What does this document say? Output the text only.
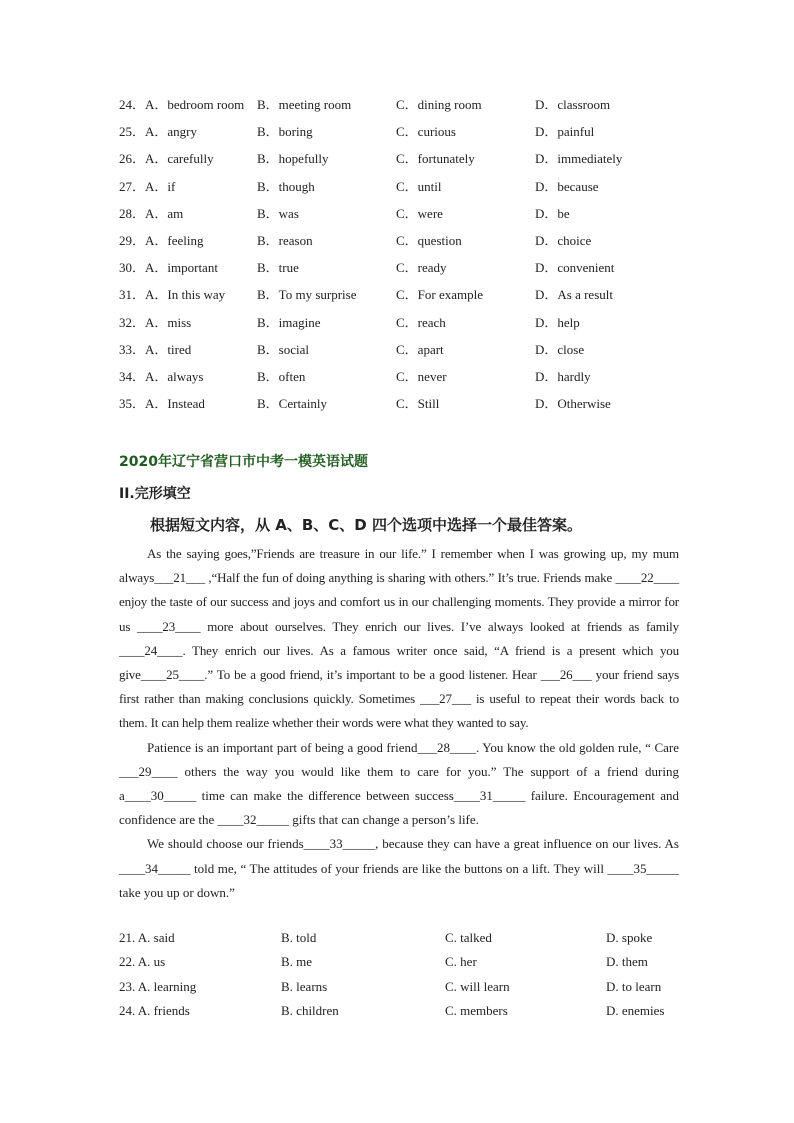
24．A．bedroom room B．meeting room	C．dining room	D．classroom
25．A．angry	B．boring	C．curious	D．painful
26．A．carefully	B．hopefully	C．fortunately	D．immediately
27．A．if	B．though	C．until	D．because
28．A．am	B．was	C．were	D．be
29．A．feeling	B．reason	C．question	D．choice
30．A．important	B．true	C．ready	D．convenient
31．A．In this way B．To my surprise	C．For example	D．As a result
32．A．miss	B．imagine	C．reach	D．help
33．A．tired	B．social	C．apart	D．close
34．A．always	B．often	C．never	D．hardly
35．A．Instead	B．Certainly	C．Still	D．Otherwise
2020年辽宁省营口市中考一模英语试题
II.完形填空
根据短文内容，从 A、B、C、D 四个选项中选择一个最佳答案。

As the saying goes,”Friends are treasure in our life.” I remember when I was growing up, my mum always___21___ ,“Half the fun of doing anything is sharing with others.” It’s true. Friends make ____22____ enjoy the taste of our success and joys and comfort us in our challenging moments. They provide a mirror for us ____23____ more about ourselves. They enrich our lives. I’ve always looked at friends as family ____24____. They enrich our lives. As a famous writer once said, “A friend is a present which you give____25____.” To be a good friend, it’s important to be a good listener. Hear ___26___ your friend says first rather than making conclusions quickly. Sometimes ___27___ is useful to repeat their words back to them. It can help them realize whether their words were what they wanted to say.

Patience is an important part of being a good friend___28____. You know the old golden rule, “ Care ___29____ others the way you would like them to care for you.” The support of a friend during a____30_____ time can make the difference between success____31_____ failure. Encouragement and confidence are the ____32_____ gifts that can change a person’s life.

We should choose our friends____33_____, because they can have a great influence on our lives. As ____34_____ told me, “ The attitudes of your friends are like the buttons on a lift. They will ____35_____ take you up or down.”

21. A. said	B. told	C. talked	D. spoke
22. A. us	B. me	C. her	D. them
23. A. learning	B. learns	C. will learn	D. to learn
24. A. friends	B. children	C. members	D. enemies
